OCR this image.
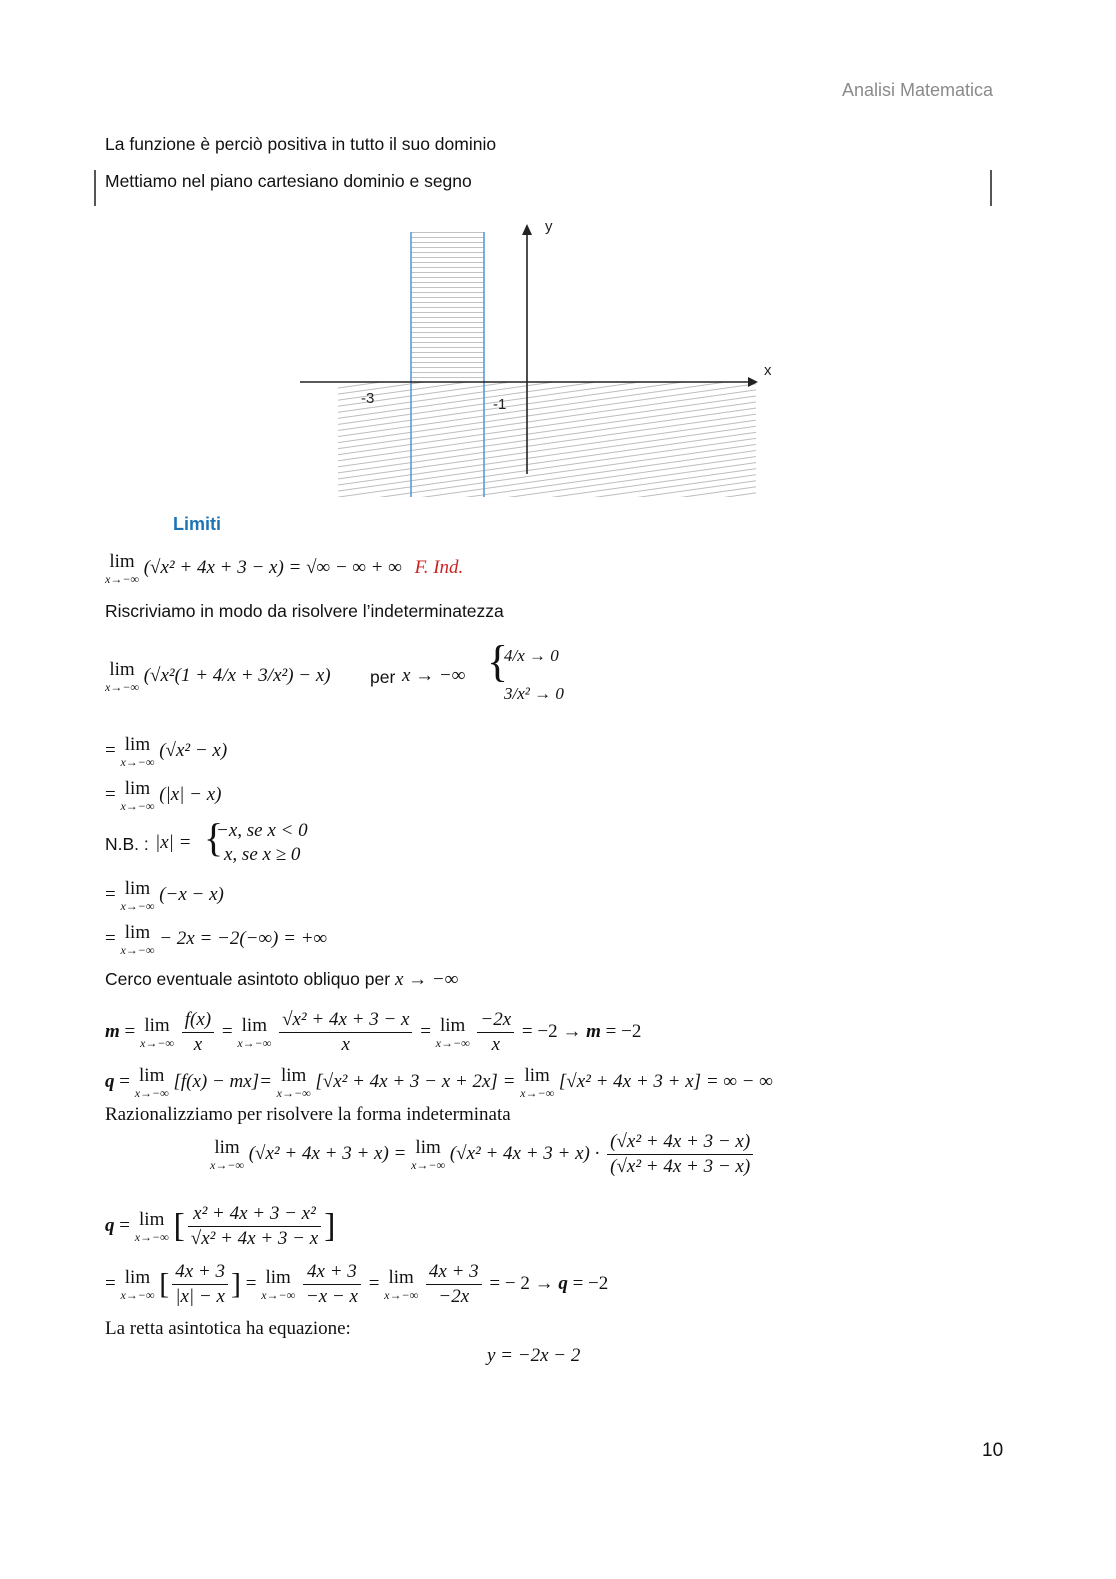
Analisi Matematica
La funzione è perciò positiva in tutto il suo dominio
Mettiamo nel piano cartesiano dominio e segno
y
x
-3	-1
Limiti
lim
x→−∞
(√x² + 4x + 3 − x) = √∞ − ∞ + ∞ F. Ind.
Riscriviamo in modo da risolvere l’indeterminatezza
lim
x→−∞
(√x²(1 + 4/x + 3/x²) − x) per x → −∞ {
4/x → 0
3/x² → 0
= lim
x→−∞
(√x² − x)
= lim
x→−∞
(|x| − x)
N.B. : |x| = {
−x, se x < 0
x, se x ≥ 0
= lim
x→−∞
(−x − x)
= lim
x→−∞
− 2x = −2(−∞) = +∞
Cerco eventuale asintoto obliquo per x → −∞
m = lim
x→−∞
$\frac{f(x)}{x} = \lim$
x→−∞
$\frac{\text{√x² + 4x + 3 − x}}{x} = \lim$
x→−∞
$\frac{-2x}{x} = -2 \to m = -2$
q = lim
x→−∞
[f(x) − mx]= lim
x→−∞
[√x² + 4x + 3 − x + 2x] = lim
x→−∞
[√x² + 4x + 3 + x] = ∞ − ∞
Razionalizziamo per risolvere la forma indeterminata
lim
x→−∞
(√x² + 4x + 3 + x) = lim
x→−∞
$(√x^2 + 4x + 3 + x) \cdot \frac{\text{(√x² + 4x + 3 − x)}}{\text{(√x² + 4x + 3 − x)}}$
q = lim
x→−∞ [ $\frac{\text{x² + 4x + 3 − x²}}{\text{√x² + 4x + 3 − x}}$ ]
= lim
x→−∞ [ $\frac{4x + 3}{|x| - x}$ ] = lim
x→−∞
$\frac{4x + 3}{-x - x} = \lim$
x→−∞
$\frac{4x + 3}{-2x}$ = − 2 → q = −2
La retta asintotica ha equazione:
y = −2x − 2
10
